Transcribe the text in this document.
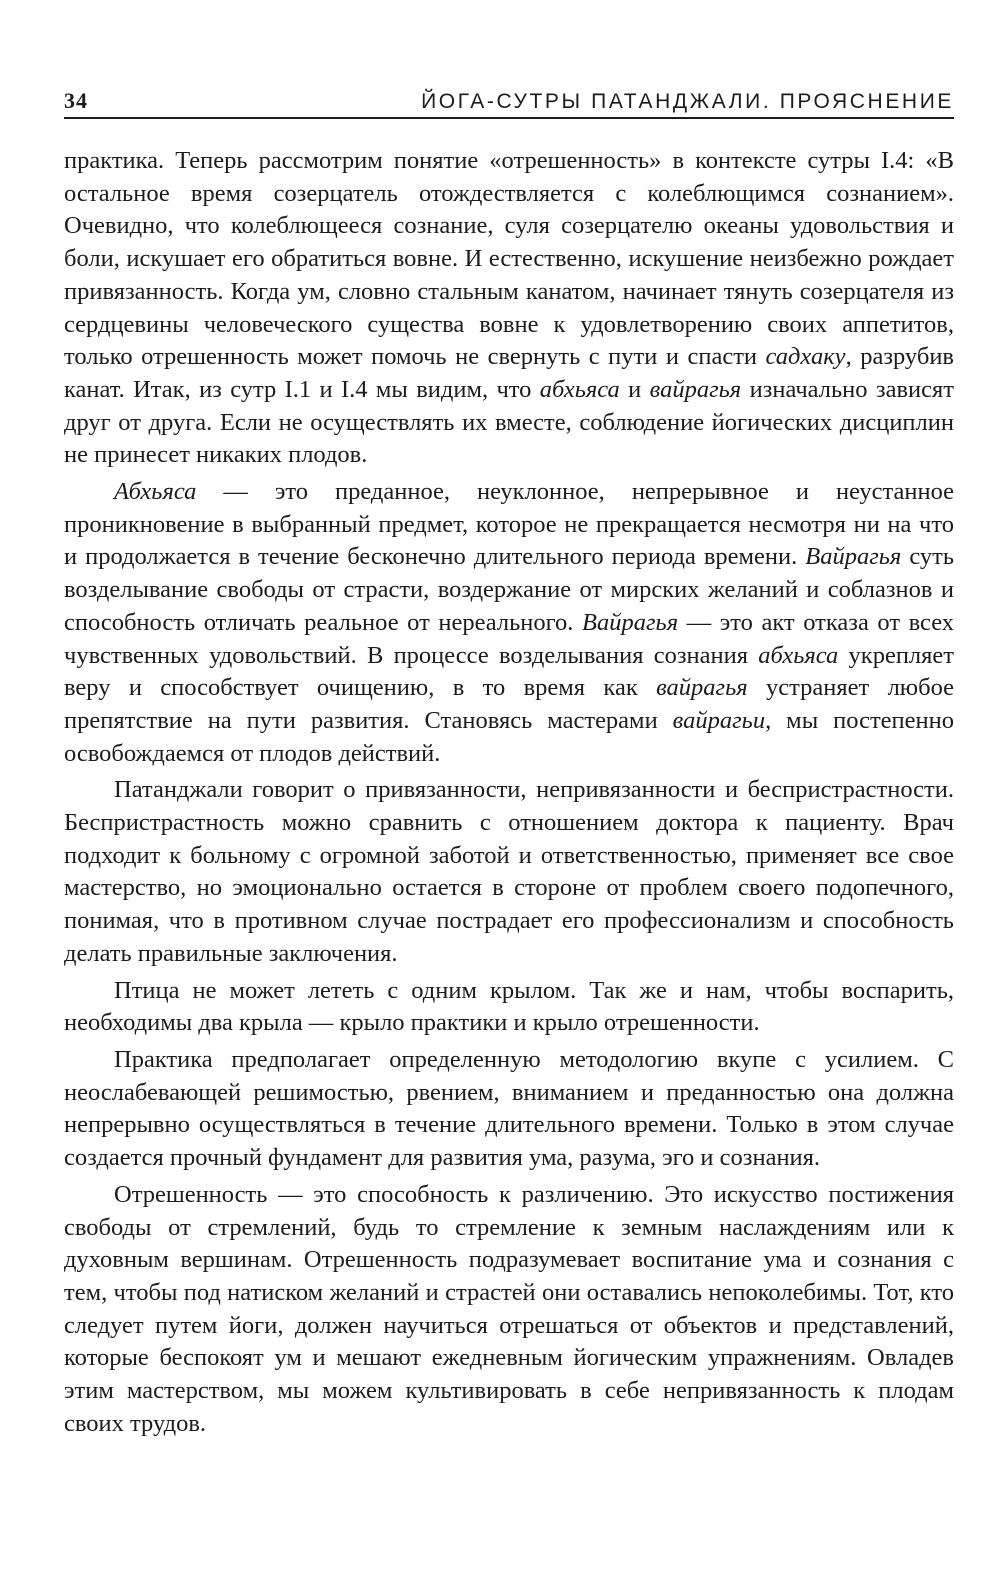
34	ЙОГА-СУТРЫ ПАТАНДЖАЛИ. ПРОЯСНЕНИЕ

практика. Теперь рассмотрим понятие «отрешенность» в контексте сутры I.4: «В остальное время созерцатель отождествляется с колеблющимся сознанием». Очевидно, что колеблющееся сознание, суля созерцателю океаны удовольствия и боли, искушает его обратиться вовне. И естественно, искушение неизбежно рождает привязанность. Когда ум, словно стальным канатом, начинает тянуть созерцателя из сердцевины человеческого существа вовне к удовлетворению своих аппетитов, только отрешенность может помочь не свернуть с пути и спасти садхаку, разрубив канат. Итак, из сутр I.1 и I.4 мы видим, что абхьяса и вайрагья изначально зависят друг от друга. Если не осуществлять их вместе, соблюдение йогических дисциплин не принесет никаких плодов.

Абхьяса — это преданное, неуклонное, непрерывное и неустанное проникновение в выбранный предмет, которое не прекращается несмотря ни на что и продолжается в течение бесконечно длительного периода времени. Вайрагья суть возделывание свободы от страсти, воздержание от мирских желаний и соблазнов и способность отличать реальное от нереального. Вайрагья — это акт отказа от всех чувственных удовольствий. В процессе возделывания сознания абхьяса укрепляет веру и способствует очищению, в то время как вайрагья устраняет любое препятствие на пути развития. Становясь мастерами вайрагьи, мы постепенно освобождаемся от плодов действий.

Патанджали говорит о привязанности, непривязанности и беспристрастности. Беспристрастность можно сравнить с отношением доктора к пациенту. Врач подходит к больному с огромной заботой и ответственностью, применяет все свое мастерство, но эмоционально остается в стороне от проблем своего подопечного, понимая, что в противном случае пострадает его профессионализм и способность делать правильные заключения.

Птица не может лететь с одним крылом. Так же и нам, чтобы воспарить, необходимы два крыла — крыло практики и крыло отрешенности.

Практика предполагает определенную методологию вкупе с усилием. С неослабевающей решимостью, рвением, вниманием и преданностью она должна непрерывно осуществляться в течение длительного времени. Только в этом случае создается прочный фундамент для развития ума, разума, эго и сознания.

Отрешенность — это способность к различению. Это искусство постижения свободы от стремлений, будь то стремление к земным наслаждениям или к духовным вершинам. Отрешенность подразумевает воспитание ума и сознания с тем, чтобы под натиском желаний и страстей они оставались непоколебимы. Тот, кто следует путем йоги, должен научиться отрешаться от объектов и представлений, которые беспокоят ум и мешают ежедневным йогическим упражнениям. Овладев этим мастерством, мы можем культивировать в себе непривязанность к плодам своих трудов.
